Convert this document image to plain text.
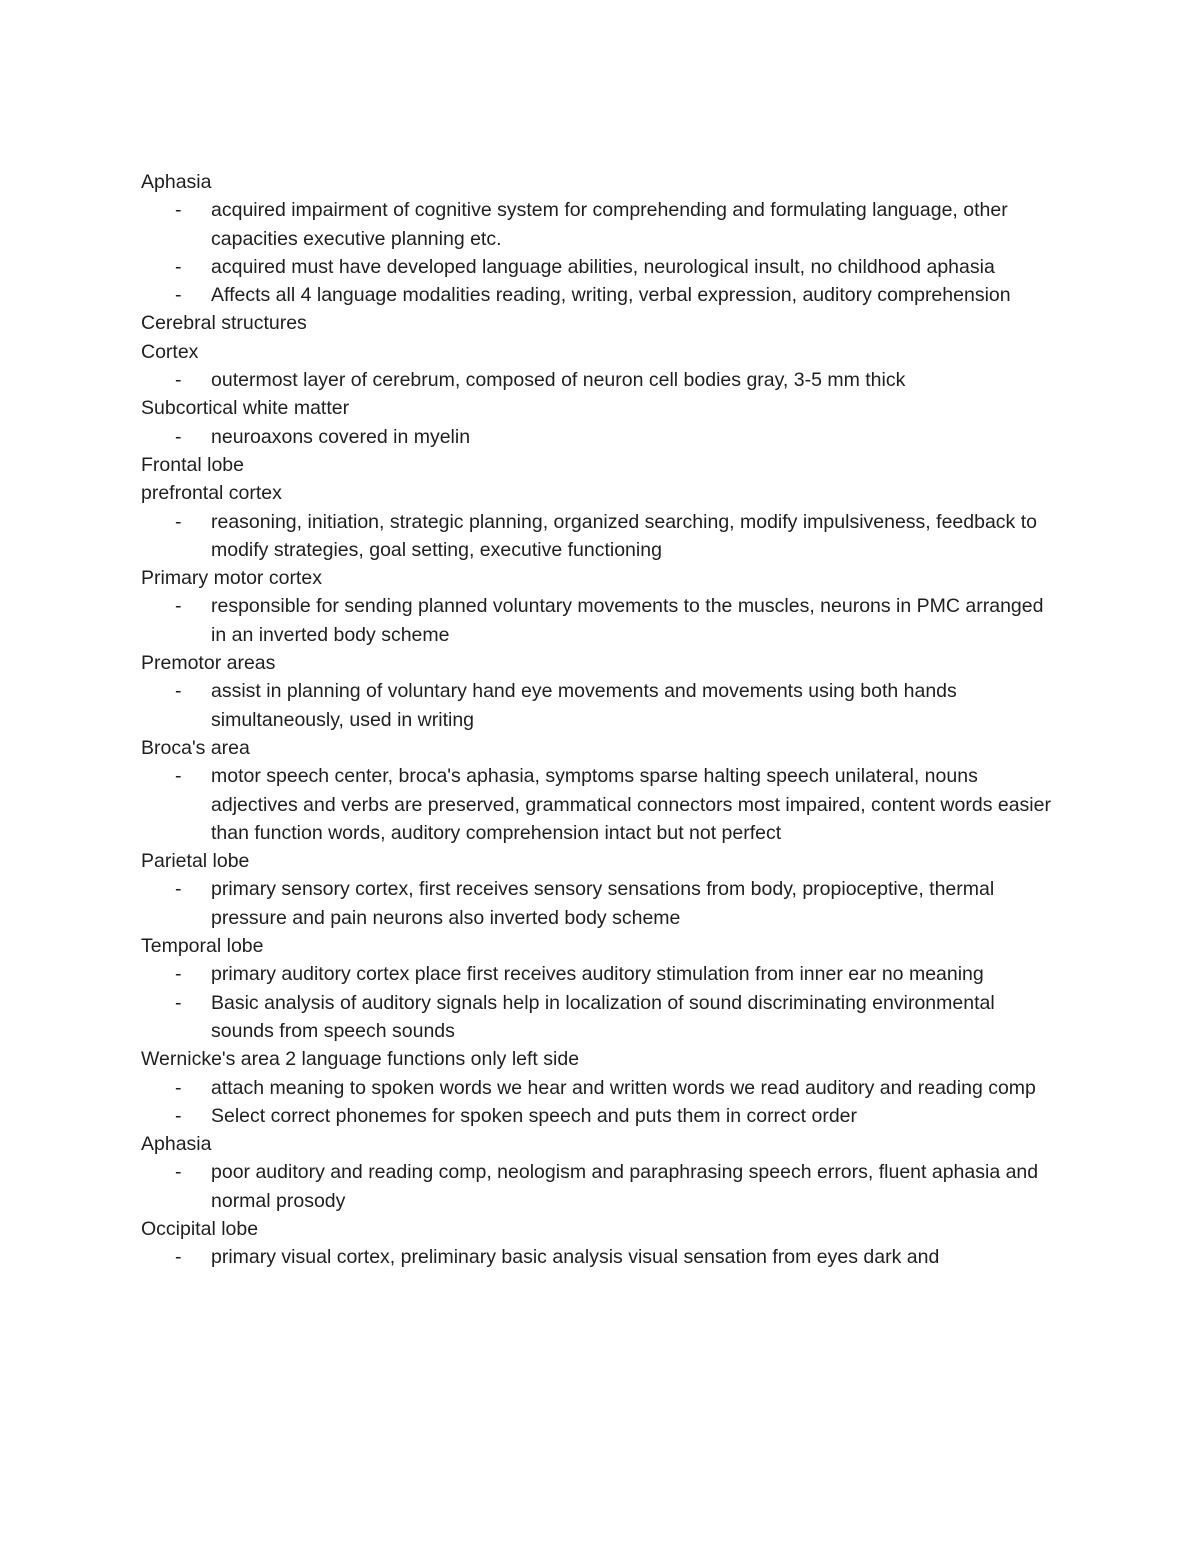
Aphasia
- acquired impairment of cognitive system for comprehending and formulating language, other capacities executive planning etc.
- acquired must have developed language abilities, neurological insult, no childhood aphasia
- Affects all 4 language modalities reading, writing, verbal expression, auditory comprehension
Cerebral structures
Cortex
- outermost layer of cerebrum, composed of neuron cell bodies gray, 3-5 mm thick
Subcortical white matter
- neuroaxons covered in myelin
Frontal lobe
prefrontal cortex
- reasoning, initiation, strategic planning, organized searching, modify impulsiveness, feedback to modify strategies, goal setting, executive functioning
Primary motor cortex
- responsible for sending planned voluntary movements to the muscles, neurons in PMC arranged in an inverted body scheme
Premotor areas
- assist in planning of voluntary hand eye movements and movements using both hands simultaneously, used in writing
Broca's area
- motor speech center, broca's aphasia, symptoms sparse halting speech unilateral, nouns adjectives and verbs are preserved, grammatical connectors most impaired, content words easier than function words, auditory comprehension intact but not perfect
Parietal lobe
- primary sensory cortex, first receives sensory sensations from body, propioceptive, thermal pressure and pain neurons also inverted body scheme
Temporal lobe
- primary auditory cortex place first receives auditory stimulation from inner ear no meaning
- Basic analysis of auditory signals help in localization of sound discriminating environmental sounds from speech sounds
Wernicke's area 2 language functions only left side
- attach meaning to spoken words we hear and written words we read auditory and reading comp
- Select correct phonemes for spoken speech and puts them in correct order
Aphasia
- poor auditory and reading comp, neologism and paraphrasing speech errors, fluent aphasia and normal prosody
Occipital lobe
- primary visual cortex, preliminary basic analysis visual sensation from eyes dark and
